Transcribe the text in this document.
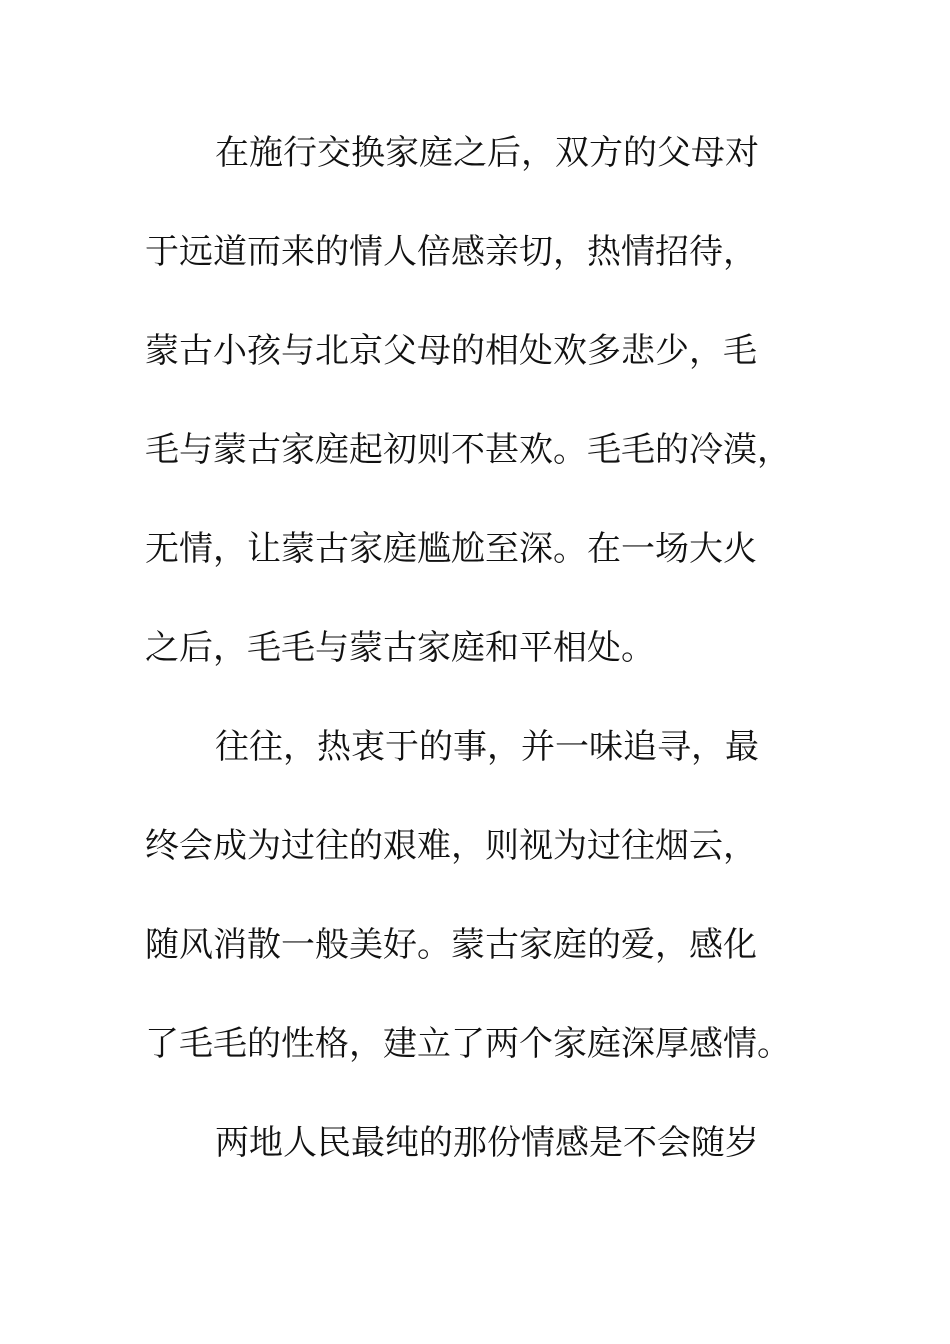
在施行交换家庭之后，双方的父母对
于远道而来的情人倍感亲切，热情招待，
蒙古小孩与北京父母的相处欢多悲少，毛
毛与蒙古家庭起初则不甚欢。毛毛的冷漠，
无情，让蒙古家庭尴尬至深。在一场大火
之后，毛毛与蒙古家庭和平相处。
往往，热衷于的事，并一味追寻，最
终会成为过往的艰难，则视为过往烟云，
随风消散一般美好。蒙古家庭的爱，感化
了毛毛的性格，建立了两个家庭深厚感情。
两地人民最纯的那份情感是不会随岁
